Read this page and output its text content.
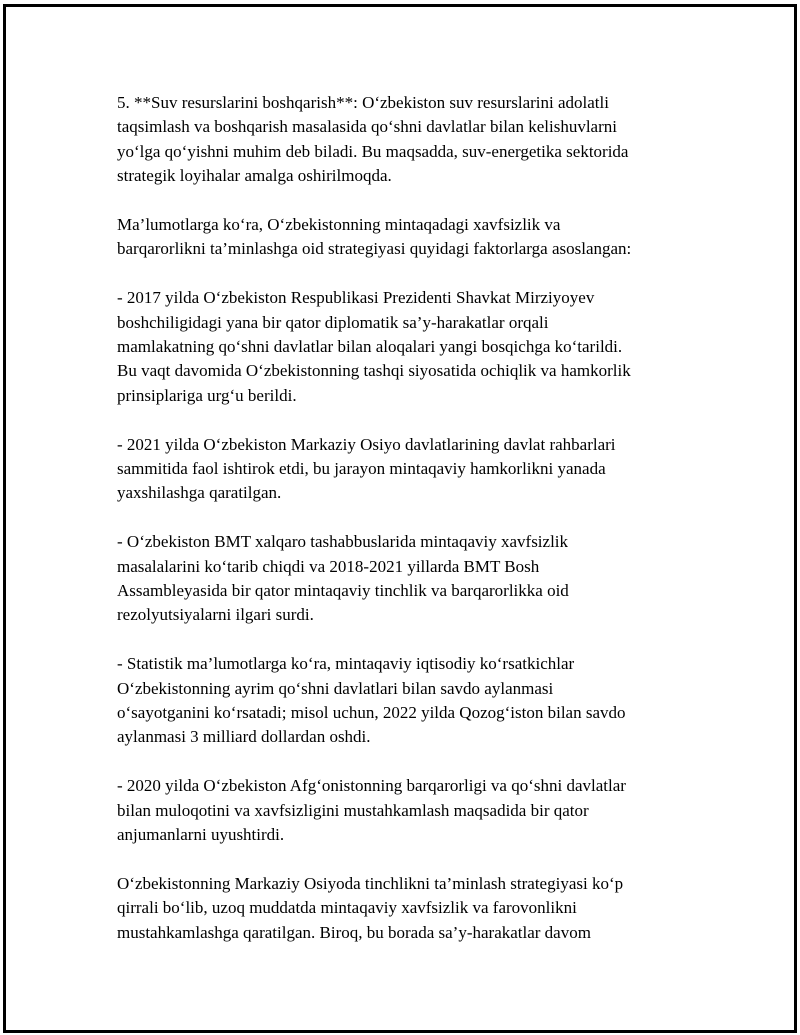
5. **Suv resurslarini boshqarish**: O‘zbekiston suv resurslarini adolatli
taqsimlash va boshqarish masalasida qo‘shni davlatlar bilan kelishuvlarni
yo‘lga qo‘yishni muhim deb biladi. Bu maqsadda, suv-energetika sektorida
strategik loyihalar amalga oshirilmoqda.

Ma’lumotlarga ko‘ra, O‘zbekistonning mintaqadagi xavfsizlik va
barqarorlikni ta’minlashga oid strategiyasi quyidagi faktorlarga asoslangan:

- 2017 yilda O‘zbekiston Respublikasi Prezidenti Shavkat Mirziyoyev
boshchiligidagi yana bir qator diplomatik sa’y-harakatlar orqali
mamlakatning qo‘shni davlatlar bilan aloqalari yangi bosqichga ko‘tarildi.
Bu vaqt davomida O‘zbekistonning tashqi siyosatida ochiqlik va hamkorlik
prinsiplariga urg‘u berildi.

- 2021 yilda O‘zbekiston Markaziy Osiyo davlatlarining davlat rahbarlari
sammitida faol ishtirok etdi, bu jarayon mintaqaviy hamkorlikni yanada
yaxshilashga qaratilgan.

- O‘zbekiston BMT xalqaro tashabbuslarida mintaqaviy xavfsizlik
masalalarini ko‘tarib chiqdi va 2018-2021 yillarda BMT Bosh
Assambleyasida bir qator mintaqaviy tinchlik va barqarorlikka oid
rezolyutsiyalarni ilgari surdi.

- Statistik ma’lumotlarga ko‘ra, mintaqaviy iqtisodiy ko‘rsatkichlar
O‘zbekistonning ayrim qo‘shni davlatlari bilan savdo aylanmasi
o‘sayotganini ko‘rsatadi; misol uchun, 2022 yilda Qozog‘iston bilan savdo
aylanmasi 3 milliard dollardan oshdi.

- 2020 yilda O‘zbekiston Afg‘onistonning barqarorligi va qo‘shni davlatlar
bilan muloqotini va xavfsizligini mustahkamlash maqsadida bir qator
anjumanlarni uyushtirdi.

O‘zbekistonning Markaziy Osiyoda tinchlikni ta’minlash strategiyasi ko‘p
qirrali bo‘lib, uzoq muddatda mintaqaviy xavfsizlik va farovonlikni
mustahkamlashga qaratilgan. Biroq, bu borada sa’y-harakatlar davom
